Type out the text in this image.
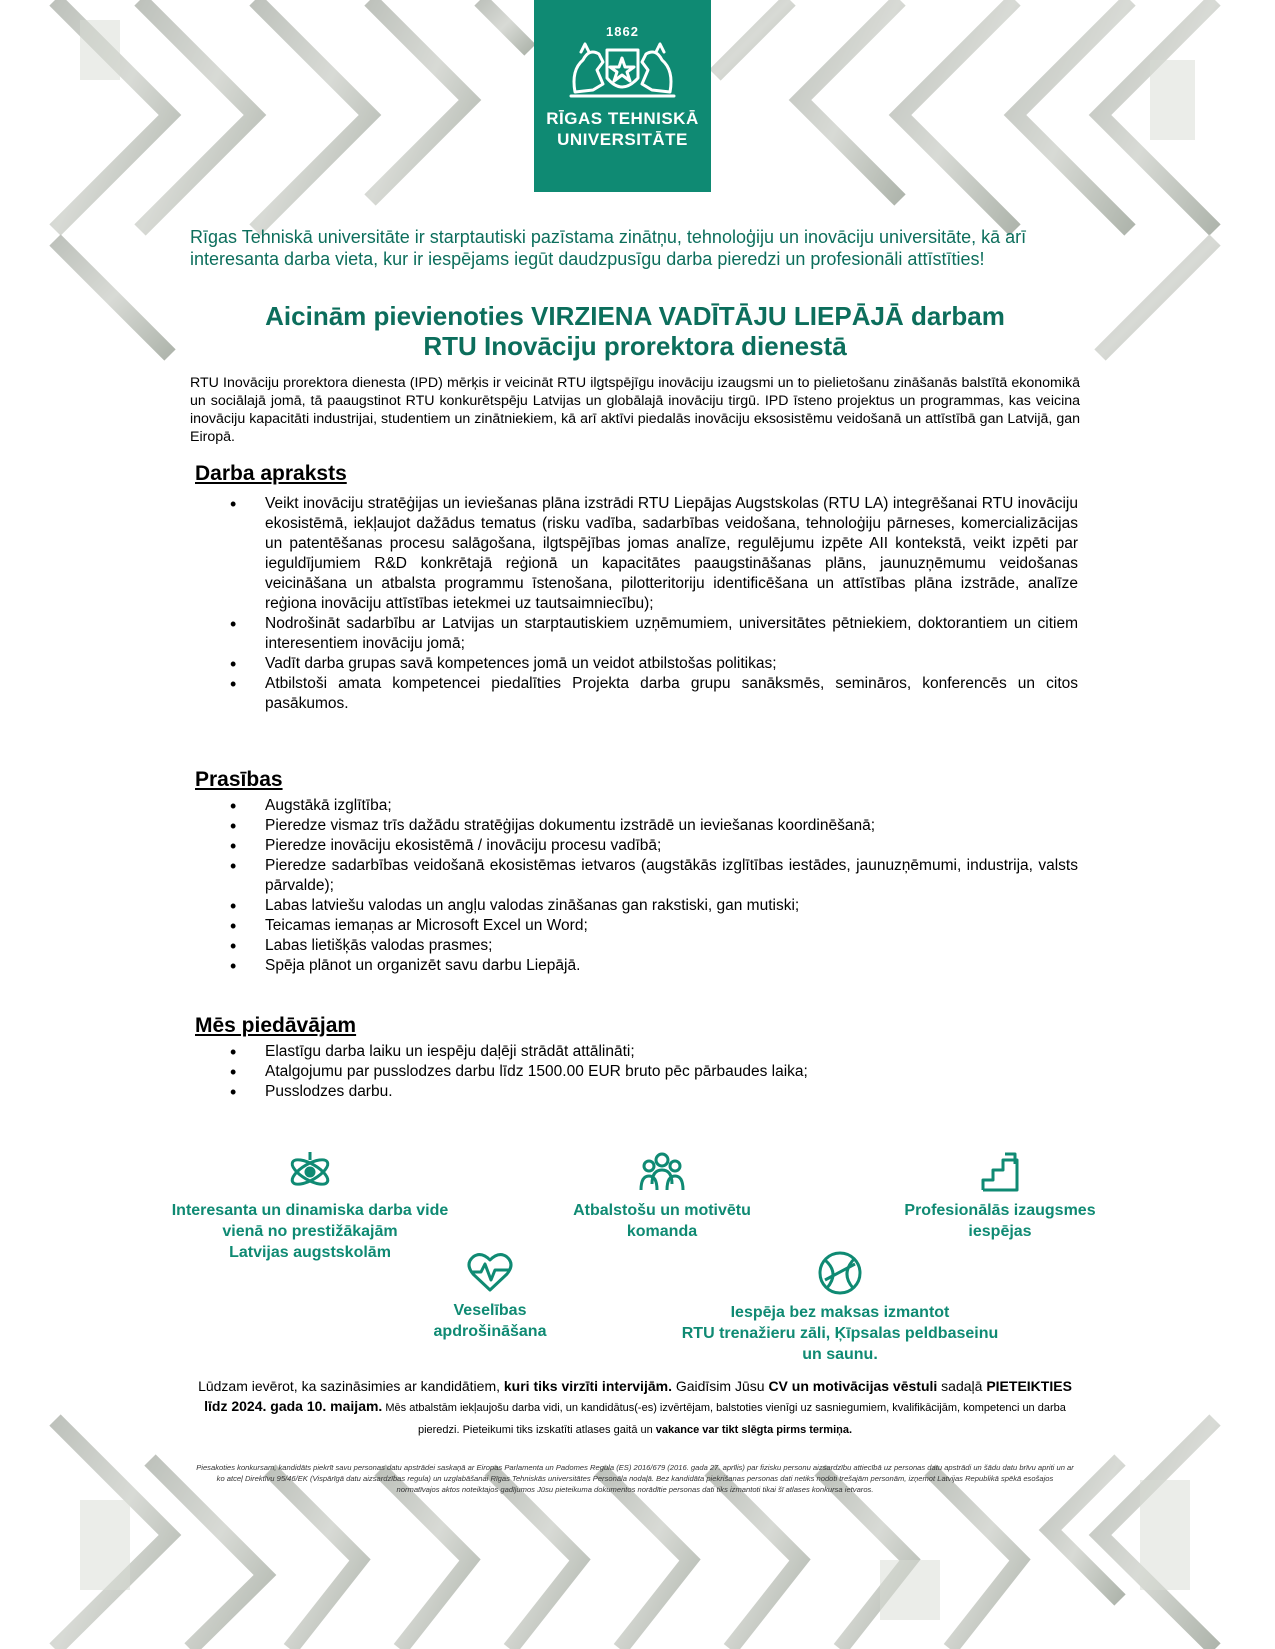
1862
RĪGAS TEHNISKĀ
UNIVERSITĀTE
Rīgas Tehniskā universitāte ir starptautiski pazīstama zinātņu, tehnoloģiju un inovāciju universitāte, kā arī interesanta darba vieta, kur ir iespējams iegūt daudzpusīgu darba pieredzi un profesionāli attīstīties!
Aicinām pievienoties VIRZIENA VADĪTĀJU LIEPĀJĀ darbam
RTU Inovāciju prorektora dienestā
RTU Inovāciju prorektora dienesta (IPD) mērķis ir veicināt RTU ilgtspējīgu inovāciju izaugsmi un to pielietošanu zināšanās balstītā ekonomikā un sociālajā jomā, tā paaugstinot RTU konkurētspēju Latvijas un globālajā inovāciju tirgū. IPD īsteno projektus un programmas, kas veicina inovāciju kapacitāti industrijai, studentiem un zinātniekiem, kā arī aktīvi piedalās inovāciju eksosistēmu veidošanā un attīstībā gan Latvijā, gan Eiropā.
Darba apraksts
• Veikt inovāciju stratēģijas un ieviešanas plāna izstrādi RTU Liepājas Augstskolas (RTU LA) integrēšanai RTU inovāciju ekosistēmā, iekļaujot dažādus tematus (risku vadība, sadarbības veidošana, tehnoloģiju pārneses, komercializācijas un patentēšanas procesu salāgošana, ilgtspējības jomas analīze, regulējumu izpēte AII kontekstā, veikt izpēti par ieguldījumiem R&D konkrētajā reģionā un kapacitātes paaugstināšanas plāns, jaunuzņēmumu veidošanas veicināšana un atbalsta programmu īstenošana, pilotteritoriju identificēšana un attīstības plāna izstrāde, analīze reģiona inovāciju attīstības ietekmei uz tautsaimniecību);
• Nodrošināt sadarbību ar Latvijas un starptautiskiem uzņēmumiem, universitātes pētniekiem, doktorantiem un citiem interesentiem inovāciju jomā;
• Vadīt darba grupas savā kompetences jomā un veidot atbilstošas politikas;
• Atbilstoši amata kompetencei piedalīties Projekta darba grupu sanāksmēs, semināros, konferencēs un citos pasākumos.
Prasības
• Augstākā izglītība;
• Pieredze vismaz trīs dažādu stratēģijas dokumentu izstrādē un ieviešanas koordinēšanā;
• Pieredze inovāciju ekosistēmā / inovāciju procesu vadībā;
• Pieredze sadarbības veidošanā ekosistēmas ietvaros (augstākās izglītības iestādes, jaunuzņēmumi, industrija, valsts pārvalde);
• Labas latviešu valodas un angļu valodas zināšanas gan rakstiski, gan mutiski;
• Teicamas iemaņas ar Microsoft Excel un Word;
• Labas lietišķās valodas prasmes;
• Spēja plānot un organizēt savu darbu Liepājā.
Mēs piedāvājam
• Elastīgu darba laiku un iespēju daļēji strādāt attālināti;
• Atalgojumu par pusslodzes darbu līdz 1500.00 EUR bruto pēc pārbaudes laika;
• Pusslodzes darbu.
Interesanta un dinamiska darba vide
vienā no prestižākajām
Latvijas augstskolām
Atbalstošu un motivētu
komanda
Profesionālās izaugsmes
iespējas
Veselības
apdrošināšana
Iespēja bez maksas izmantot
RTU trenažieru zāli, Ķīpsalas peldbaseinu
un saunu.
Lūdzam ievērot, ka sazināsimies ar kandidātiem, kuri tiks virzīti intervijām. Gaidīsim Jūsu CV un motivācijas vēstuli sadaļā PIETEIKTIES līdz 2024. gada 10. maijam. Mēs atbalstām iekļaujošu darba vidi, un kandidātus(-es) izvērtējam, balstoties vienīgi uz sasniegumiem, kvalifikācijām, kompetenci un darba pieredzi. Pieteikumi tiks izskatīti atlases gaitā un vakance var tikt slēgta pirms termiņa.
Piesakoties konkursam, kandidāts piekrīt savu personas datu apstrādei saskaņā ar Eiropas Parlamenta un Padomes Regula (ES) 2016/679 (2016. gada 27. aprīlis) par fizisku personu aizsardzību attiecībā uz personas datu apstrādi un šādu datu brīvu apriti un ar ko atceļ Direktīvu 95/46/EK (Vispārīgā datu aizsardzības regula) un uzglabāšanai Rīgas Tehniskās universitātes Personāla nodaļā. Bez kandidāta piekrišanas personas dati netiks nodoti trešajām personām, izņemot Latvijas Republikā spēkā esošajos normatīvajos aktos noteiktajos gadījumos Jūsu pieteikuma dokumentos norādītie personas dati tiks izmantoti tikai šī atlases konkursa ietvaros.
